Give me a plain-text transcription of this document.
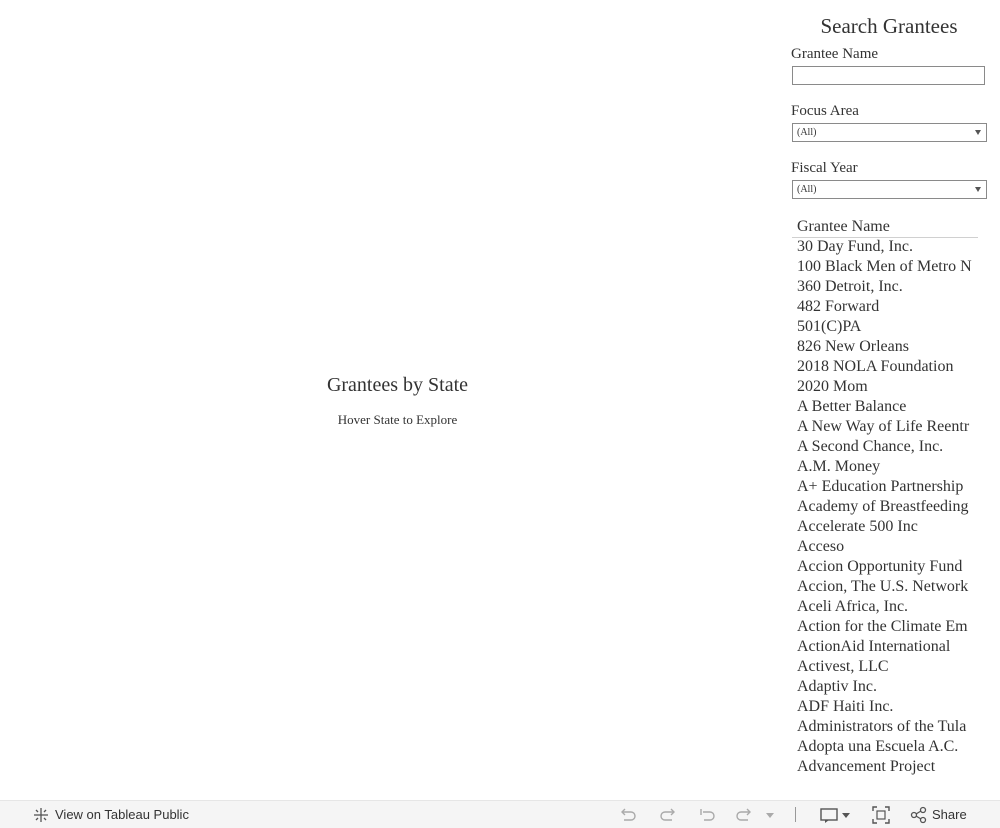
Grantees by State
Hover State to Explore
Search Grantees
Grantee Name
Focus Area
(All)
Fiscal Year
(All)
Grantee Name
30 Day Fund, Inc.
100 Black Men of Metro N
360 Detroit, Inc.
482 Forward
501(C)PA
826 New Orleans
2018 NOLA Foundation
2020 Mom
A Better Balance
A New Way of Life Reentr
A Second Chance, Inc.
A.M. Money
A+ Education Partnership
Academy of Breastfeeding
Accelerate 500 Inc
Acceso
Accion Opportunity Fund
Accion, The U.S. Network
Aceli Africa, Inc.
Action for the Climate Em
ActionAid International
Activest, LLC
Adaptiv Inc.
ADF Haiti Inc.
Administrators of the Tula
Adopta una Escuela A.C.
Advancement Project
View on Tableau Public	Share
